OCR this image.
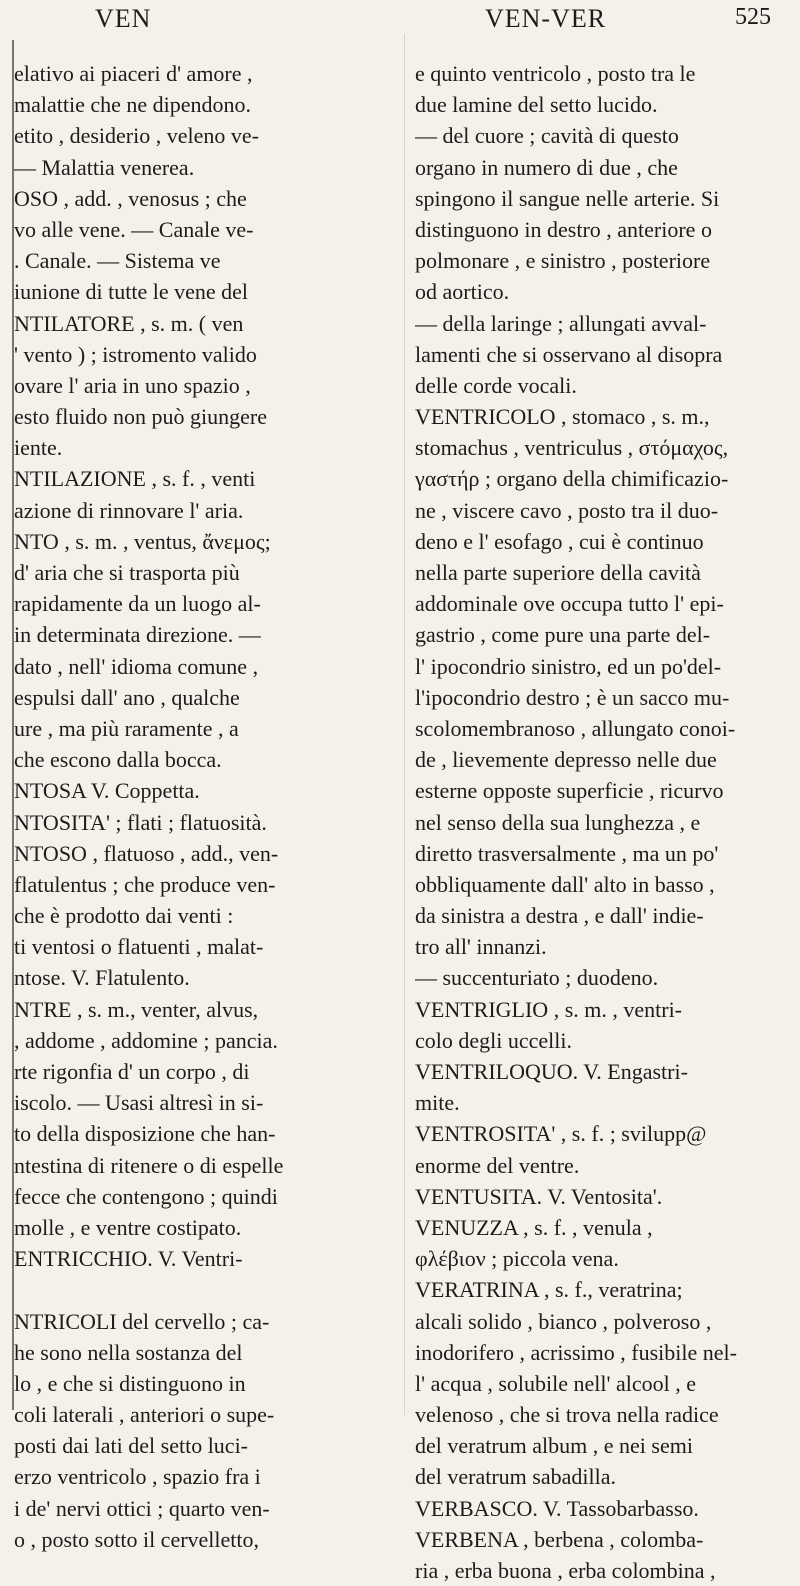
VEN	VEN-VER	525
elativo ai piaceri d' amore ,
malattie che ne dipendono.
etito , desiderio , veleno ve-
— Malattia venerea.
OSO , add. , venosus ; che
vo alle vene. — Canale ve-
. Canale. — Sistema ve
iunione di tutte le vene del
NTILATORE , s. m. ( ven
' vento ) ; istromento valido
ovare l' aria in uno spazio ,
esto fluido non può giungere
iente.
NTILAZIONE , s. f. , venti
azione di rinnovare l' aria.
NTO , s. m. , ventus, ἄνεμος;
d' aria che si trasporta più
rapidamente da un luogo al-
in determinata direzione. —
dato , nell' idioma comune ,
espulsi dall' ano , qualche
ure , ma più raramente , a
che escono dalla bocca.
NTOSA V. Coppetta.
NTOSITA' ; flati ; flatuosità.
NTOSO , flatuoso , add., ven-
flatulentus ; che produce ven-
che è prodotto dai venti :
ti ventosi o flatuenti , malat-
ntose. V. Flatulento.
NTRE , s. m., venter, alvus,
, addome , addomine ; pancia.
rte rigonfia d' un corpo , di
iscolo. — Usasi altresì in si-
to della disposizione che han-
ntestina di ritenere o di espelle
fecce che contengono ; quindi
molle , e ventre costipato.
ENTRICCHIO. V. Ventri-
NTRICOLI del cervello ; ca-
he sono nella sostanza del
lo , e che si distinguono in
coli laterali , anteriori o supe-
posti dai lati del setto luci-
erzo ventricolo , spazio fra i
i de' nervi ottici ; quarto ven-
o , posto sotto il cervelletto,
e quinto ventricolo , posto tra le
due lamine del setto lucido.
— del cuore ; cavità di questo
organo in numero di due , che
spingono il sangue nelle arterie. Si
distinguono in destro , anteriore o
polmonare , e sinistro , posteriore
od aortico.
— della laringe ; allungati avval-
lamenti che si osservano al disopra
delle corde vocali.
VENTRICOLO , stomaco , s. m.,
stomachus , ventriculus , στόμαχος,
γαστήρ ; organo della chimificazio-
ne , viscere cavo , posto tra il duo-
deno e l' esofago , cui è continuo
nella parte superiore della cavità
addominale ove occupa tutto l' epi-
gastrio , come pure una parte del-
l' ipocondrio sinistro, ed un po'del-
l'ipocondrio destro ; è un sacco mu-
scolomembranoso , allungato conoi-
de , lievemente depresso nelle due
esterne opposte superficie , ricurvo
nel senso della sua lunghezza , e
diretto trasversalmente , ma un po'
obbliquamente dall' alto in basso ,
da sinistra a destra , e dall' indie-
tro all' innanzi.
— succenturiato ; duodeno.
VENTRIGLIO , s. m. , ventri-
colo degli uccelli.
VENTRILOQUO. V. Engastri-
mite.
VENTROSITA' , s. f. ; svilupp@
enorme del ventre.
VENTUSITA. V. Ventosita'.
VENUZZA , s. f. , venula ,
φλέβιον ; piccola vena.
VERATRINA , s. f., veratrina;
alcali solido , bianco , polveroso ,
inodorifero , acrissimo , fusibile nel-
l' acqua , solubile nell' alcool , e
velenoso , che si trova nella radice
del veratrum album , e nei semi
del veratrum sabadilla.
VERBASCO. V. Tassobarbasso.
VERBENA , berbena , colomba-
ria , erba buona , erba colombina ,
